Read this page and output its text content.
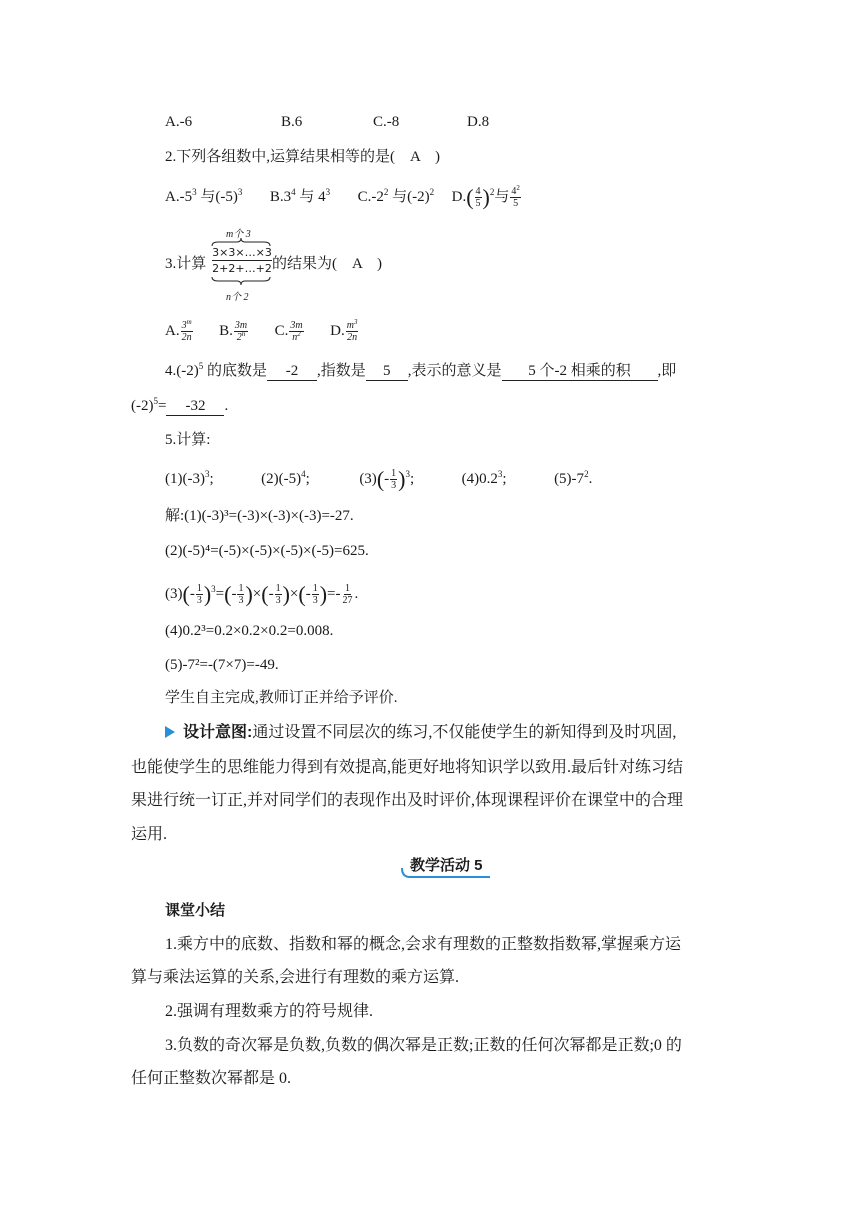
A.-6	B.6	C.-8	D.8
2.下列各组数中,运算结果相等的是(　A　)
$A.-5^3$ 与$(-5)^3$ $B.3^4$ 与 $4^3$ $C.-2^2$ 与$(-2)^2$ $D.( \frac{4}{5} )^2$与 $\frac{4^2}{5}$
3.计算
m个 3
3×3×…×3
2+2+…+2
n个 2
的结果为(　A　)
A. $\frac{3^m}{2n} B$. $\frac{3m}{2^n} C$. $\frac{3m}{n^2} D$. $\frac{m^3}{2n}$
$4.(-2)^5$ 的底数是 -2 ,指数是 5 ,表示的意义是 5 个-2 相乘的积 ,即
$(-2)^5= -32$ .
5.计算:
$(1)(-3)^3$;	$(2)(-5)^4$;	$(3)(- \frac{1}{3} )^3$;	$(4)0.2^3$;	$(5)-7^2$.
解:(1)(-3)³=(-3)×(-3)×(-3)=-27.
(2)(-5)⁴=(-5)×(-5)×(-5)×(-5)=625.
$(3)(- \frac{1}{3} )^3=(- \frac{1}{3}$ )×(- $\frac{1}{3}$ )×(- $\frac{1}{3}$ )=- $\frac{1}{27}$ .
(4)0.2³=0.2×0.2×0.2=0.008.
(5)-7²=-(7×7)=-49.
学生自主完成,教师订正并给予评价.
设计意图:通过设置不同层次的练习,不仅能使学生的新知得到及时巩固,
也能使学生的思维能力得到有效提高,能更好地将知识学以致用.最后针对练习结
果进行统一订正,并对同学们的表现作出及时评价,体现课程评价在课堂中的合理
运用.
教学活动 5
课堂小结
1.乘方中的底数、指数和幂的概念,会求有理数的正整数指数幂,掌握乘方运
算与乘法运算的关系,会进行有理数的乘方运算.
2.强调有理数乘方的符号规律.
3.负数的奇次幂是负数,负数的偶次幂是正数;正数的任何次幂都是正数;0 的
任何正整数次幂都是 0.
